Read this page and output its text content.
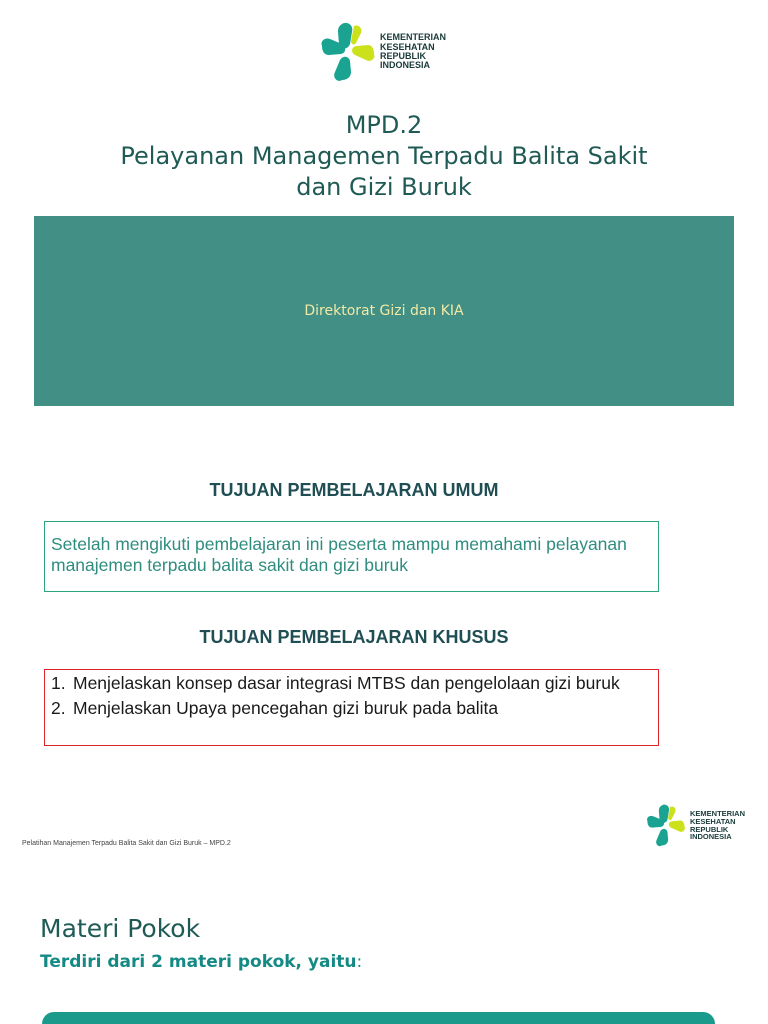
KEMENTERIAN
KESEHATAN
REPUBLIK
INDONESIA
MPD.2
Pelayanan Managemen Terpadu Balita Sakit
dan Gizi Buruk
Direktorat Gizi dan KIA
TUJUAN PEMBELAJARAN UMUM
Setelah mengikuti pembelajaran ini peserta mampu memahami pelayanan manajemen terpadu balita sakit dan gizi buruk
TUJUAN PEMBELAJARAN KHUSUS
1. Menjelaskan konsep dasar integrasi MTBS dan pengelolaan gizi buruk
2. Menjelaskan Upaya pencegahan gizi buruk pada balita
Pelatihan Manajemen Terpadu Balita Sakit dan Gizi Buruk – MPD.2
KEMENTERIAN
KESEHATAN
REPUBLIK
INDONESIA
Materi Pokok
Terdiri dari 2 materi pokok, yaitu:
